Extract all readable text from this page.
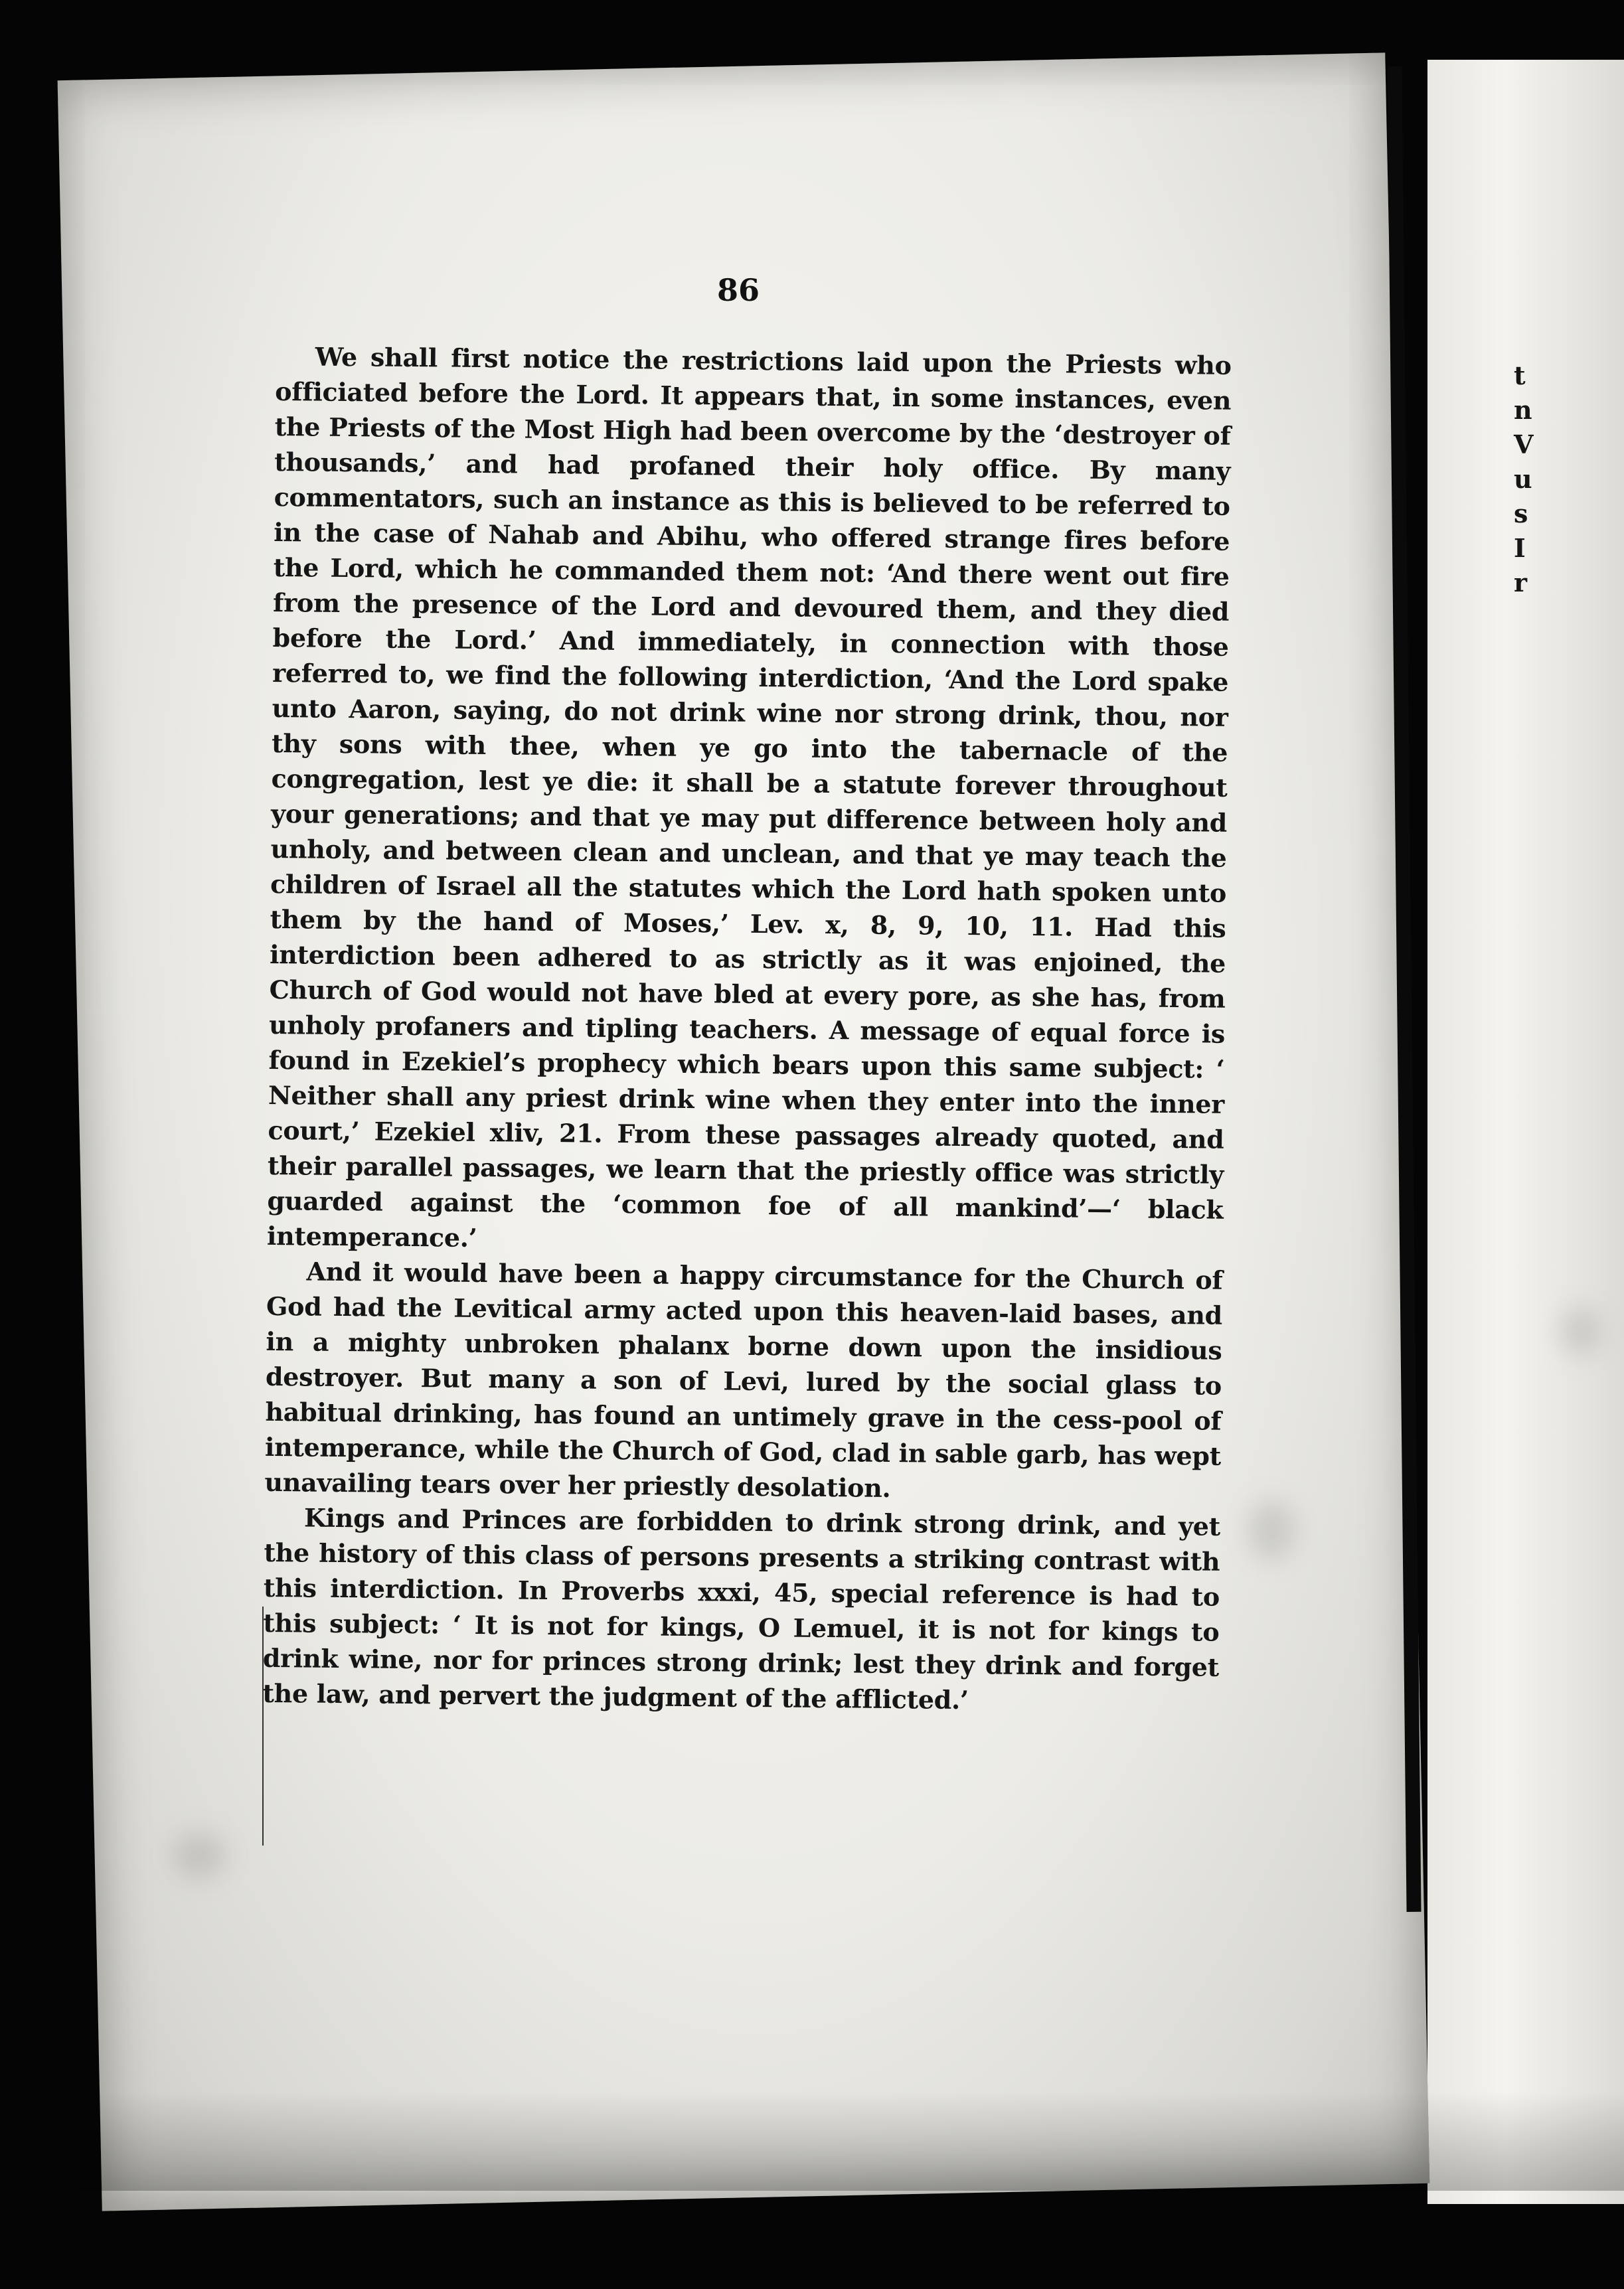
t
n
V
u
s
I
r
86

We shall first notice the restrictions laid upon the Priests who officiated before the Lord. It appears that, in some instances, even the Priests of the Most High had been overcome by the ‘destroyer of thousands,’ and had profaned their holy office. By many commentators, such an instance as this is believed to be referred to in the case of Nahab and Abihu, who offered strange fires before the Lord, which he commanded them not: ‘And there went out fire from the presence of the Lord and devoured them, and they died before the Lord.’ And immediately, in connection with those referred to, we find the following interdiction, ‘And the Lord spake unto Aaron, saying, do not drink wine nor strong drink, thou, nor thy sons with thee, when ye go into the tabernacle of the congregation, lest ye die: it shall be a statute forever throughout your generations; and that ye may put difference between holy and unholy, and between clean and unclean, and that ye may teach the children of Israel all the statutes which the Lord hath spoken unto them by the hand of Moses,’ Lev. x, 8, 9, 10, 11. Had this interdiction been adhered to as strictly as it was enjoined, the Church of God would not have bled at every pore, as she has, from unholy profaners and tipling teachers. A message of equal force is found in Ezekiel’s prophecy which bears upon this same subject: ‘ Neither shall any priest drink wine when they enter into the inner court,’ Ezekiel xliv, 21. From these passages already quoted, and their parallel passages, we learn that the priestly office was strictly guarded against the ‘common foe of all mankind’—‘ black intemperance.’

And it would have been a happy circumstance for the Church of God had the Levitical army acted upon this heaven-laid bases, and in a mighty unbroken phalanx borne down upon the insidious destroyer. But many a son of Levi, lured by the social glass to habitual drinking, has found an untimely grave in the cess-pool of intemperance, while the Church of God, clad in sable garb, has wept unavailing tears over her priestly desolation.

Kings and Princes are forbidden to drink strong drink, and yet the history of this class of persons presents a striking contrast with this interdiction. In Proverbs xxxi, 45, special reference is had to this subject: ‘ It is not for kings, O Lemuel, it is not for kings to drink wine, nor for princes strong drink; lest they drink and forget the law, and pervert the judgment of the afflicted.’
